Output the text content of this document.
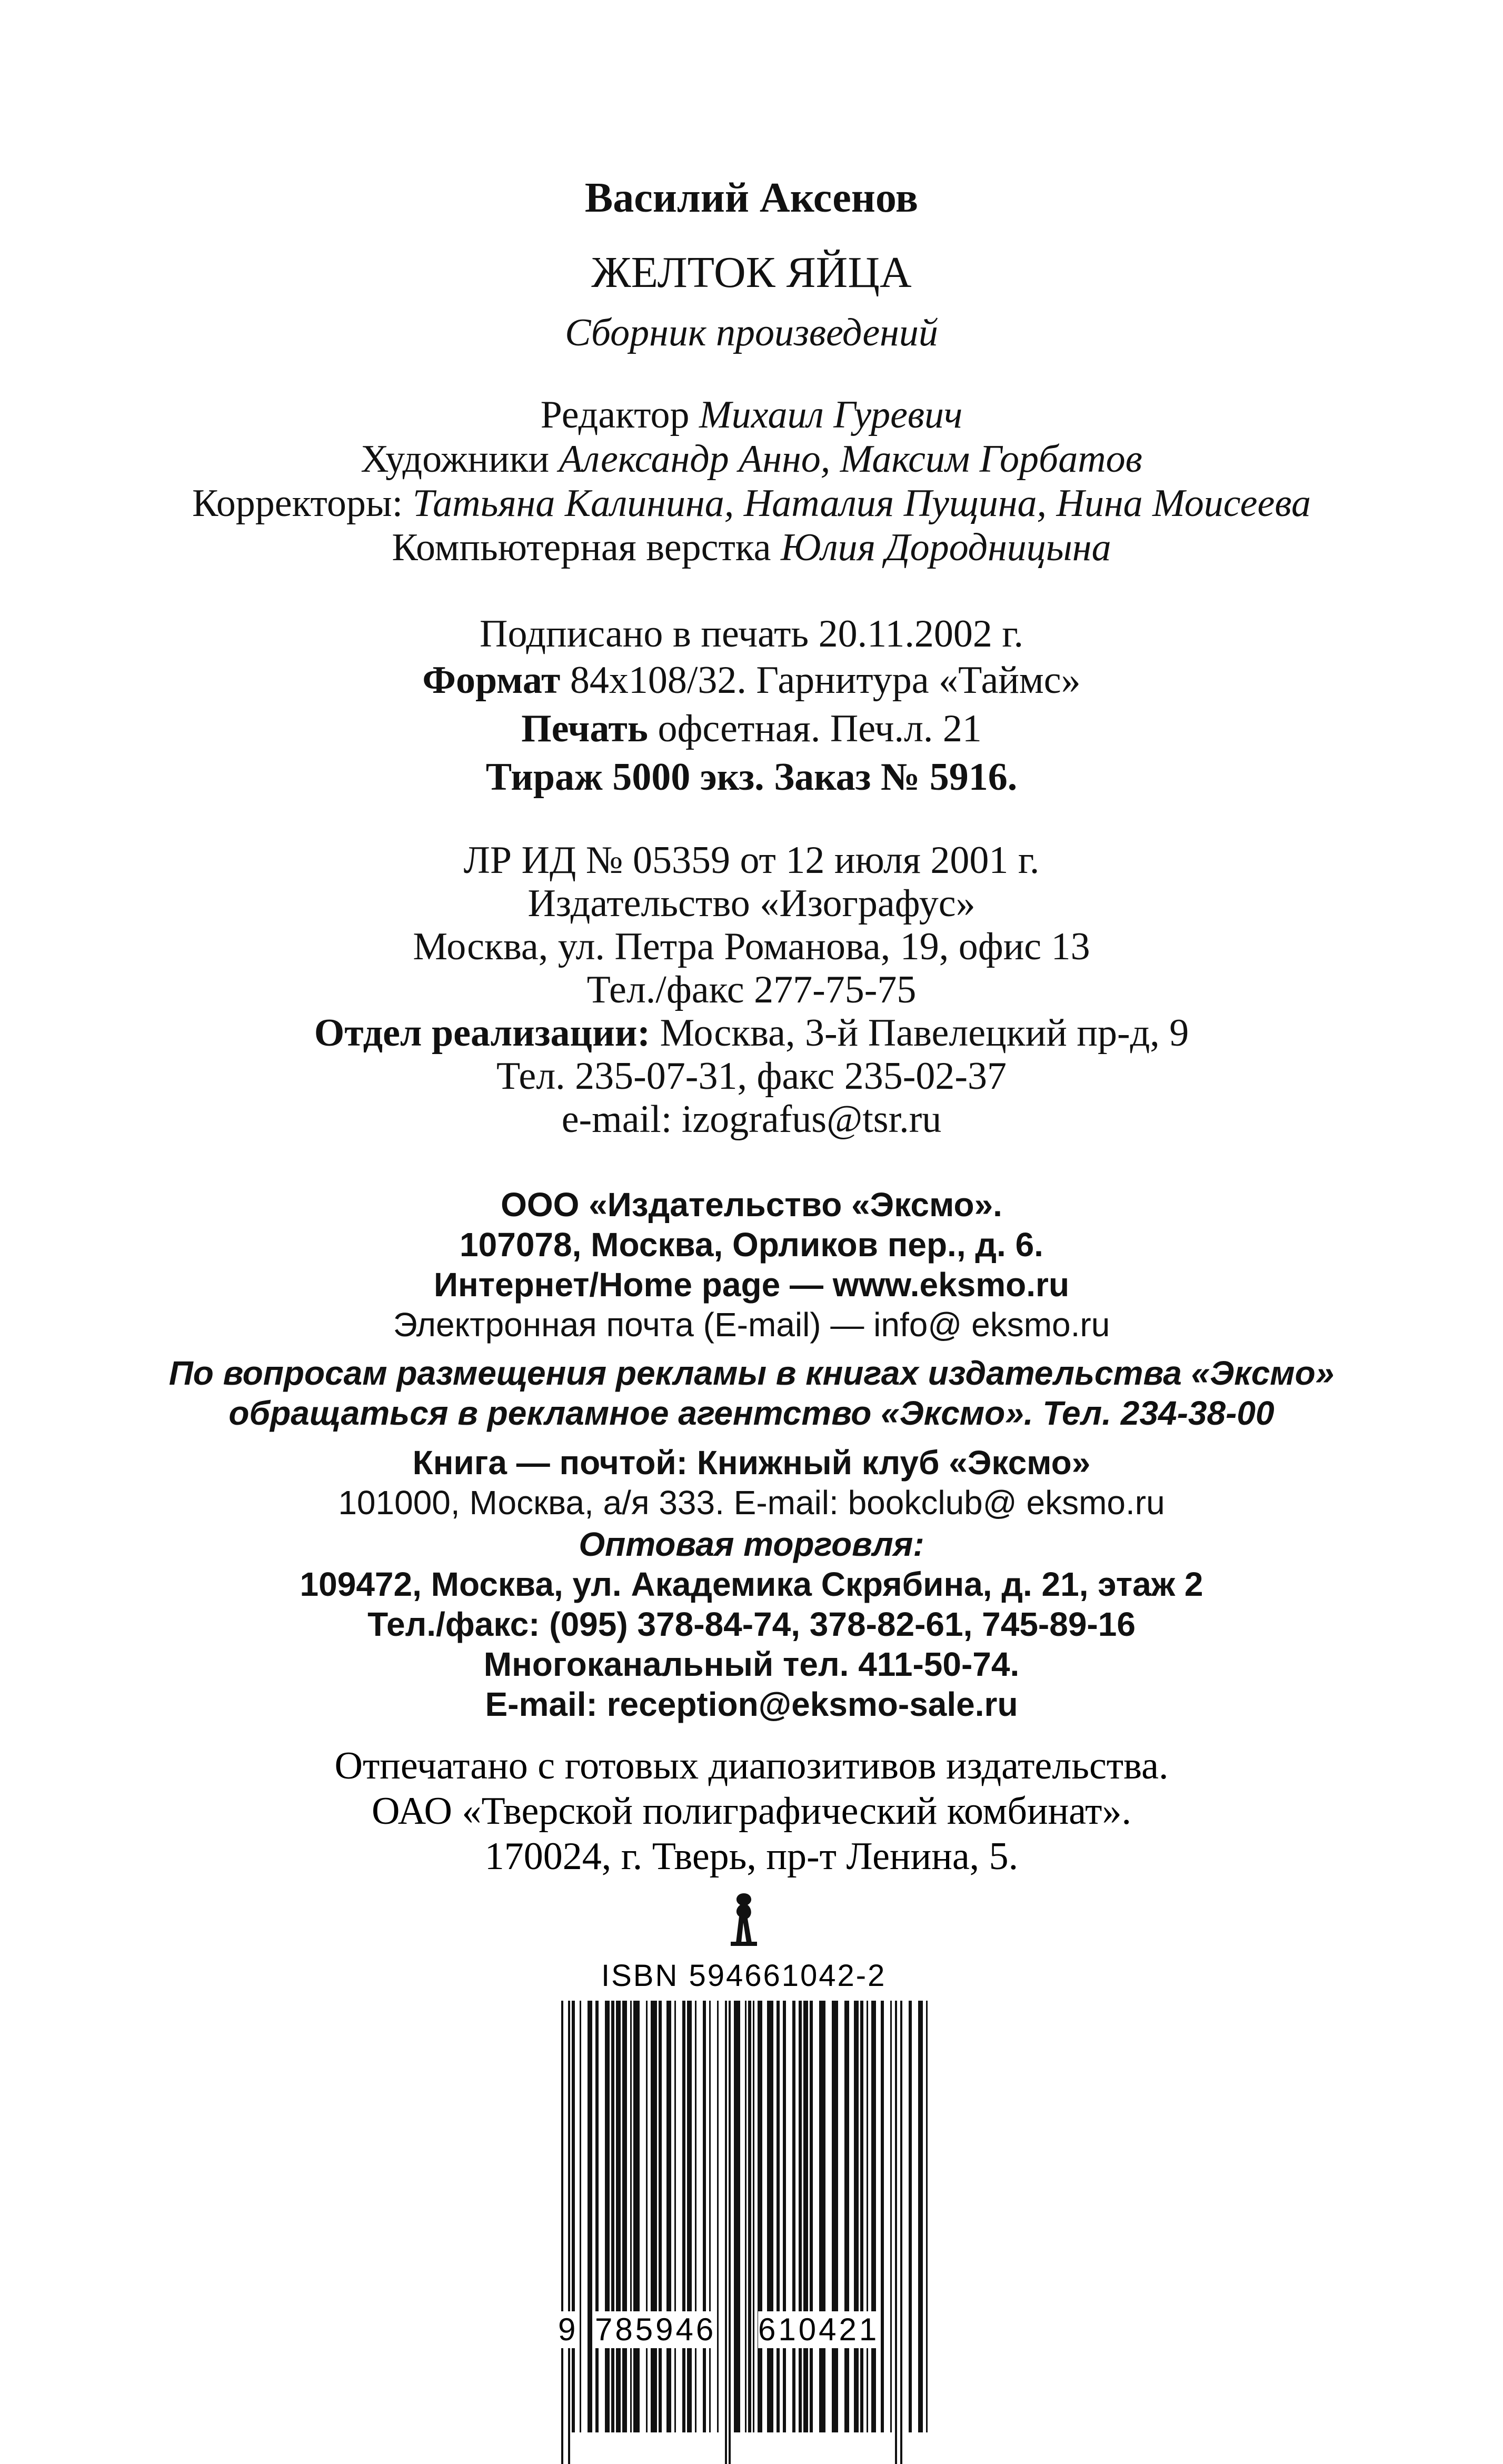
Василий Аксенов
ЖЕЛТОК ЯЙЦА
Сборник произведений
Редактор Михаил Гуревич
Художники Александр Анно, Максим Горбатов
Корректоры: Татьяна Калинина, Наталия Пущина, Нина Моисеева
Компьютерная верстка Юлия Дородницына
Подписано в печать 20.11.2002 г.
Формат 84x108/32. Гарнитура «Таймс»
Печать офсетная. Печ.л. 21
Тираж 5000 экз. Заказ № 5916.
ЛР ИД № 05359 от 12 июля 2001 г.
Издательство «Изографус»
Москва, ул. Петра Романова, 19, офис 13
Тел./факс 277-75-75
Отдел реализации: Москва, 3-й Павелецкий пр-д, 9
Тел. 235-07-31, факс 235-02-37
e-mail: izografus@tsr.ru
ООО «Издательство «Эксмо».
107078, Москва, Орликов пер., д. 6.
Интернет/Home page — www.eksmo.ru
Электронная почта (E-mail) — info@ eksmo.ru
По вопросам размещения рекламы в книгах издательства «Эксмо»
обращаться в рекламное агентство «Эксмо». Тел. 234-38-00
Книга — почтой: Книжный клуб «Эксмо»
101000, Москва, а/я 333. E-mail: bookclub@ eksmo.ru
Оптовая торговля:
109472, Москва, ул. Академика Скрябина, д. 21, этаж 2
Тел./факс: (095) 378-84-74, 378-82-61, 745-89-16
Многоканальный тел. 411-50-74.
E-mail: reception@eksmo-sale.ru
Отпечатано с готовых диапозитивов издательства.
ОАО «Тверской полиграфический комбинат».
170024, г. Тверь, пр-т Ленина, 5.
ISBN 594661042-2
9 785946 610421
